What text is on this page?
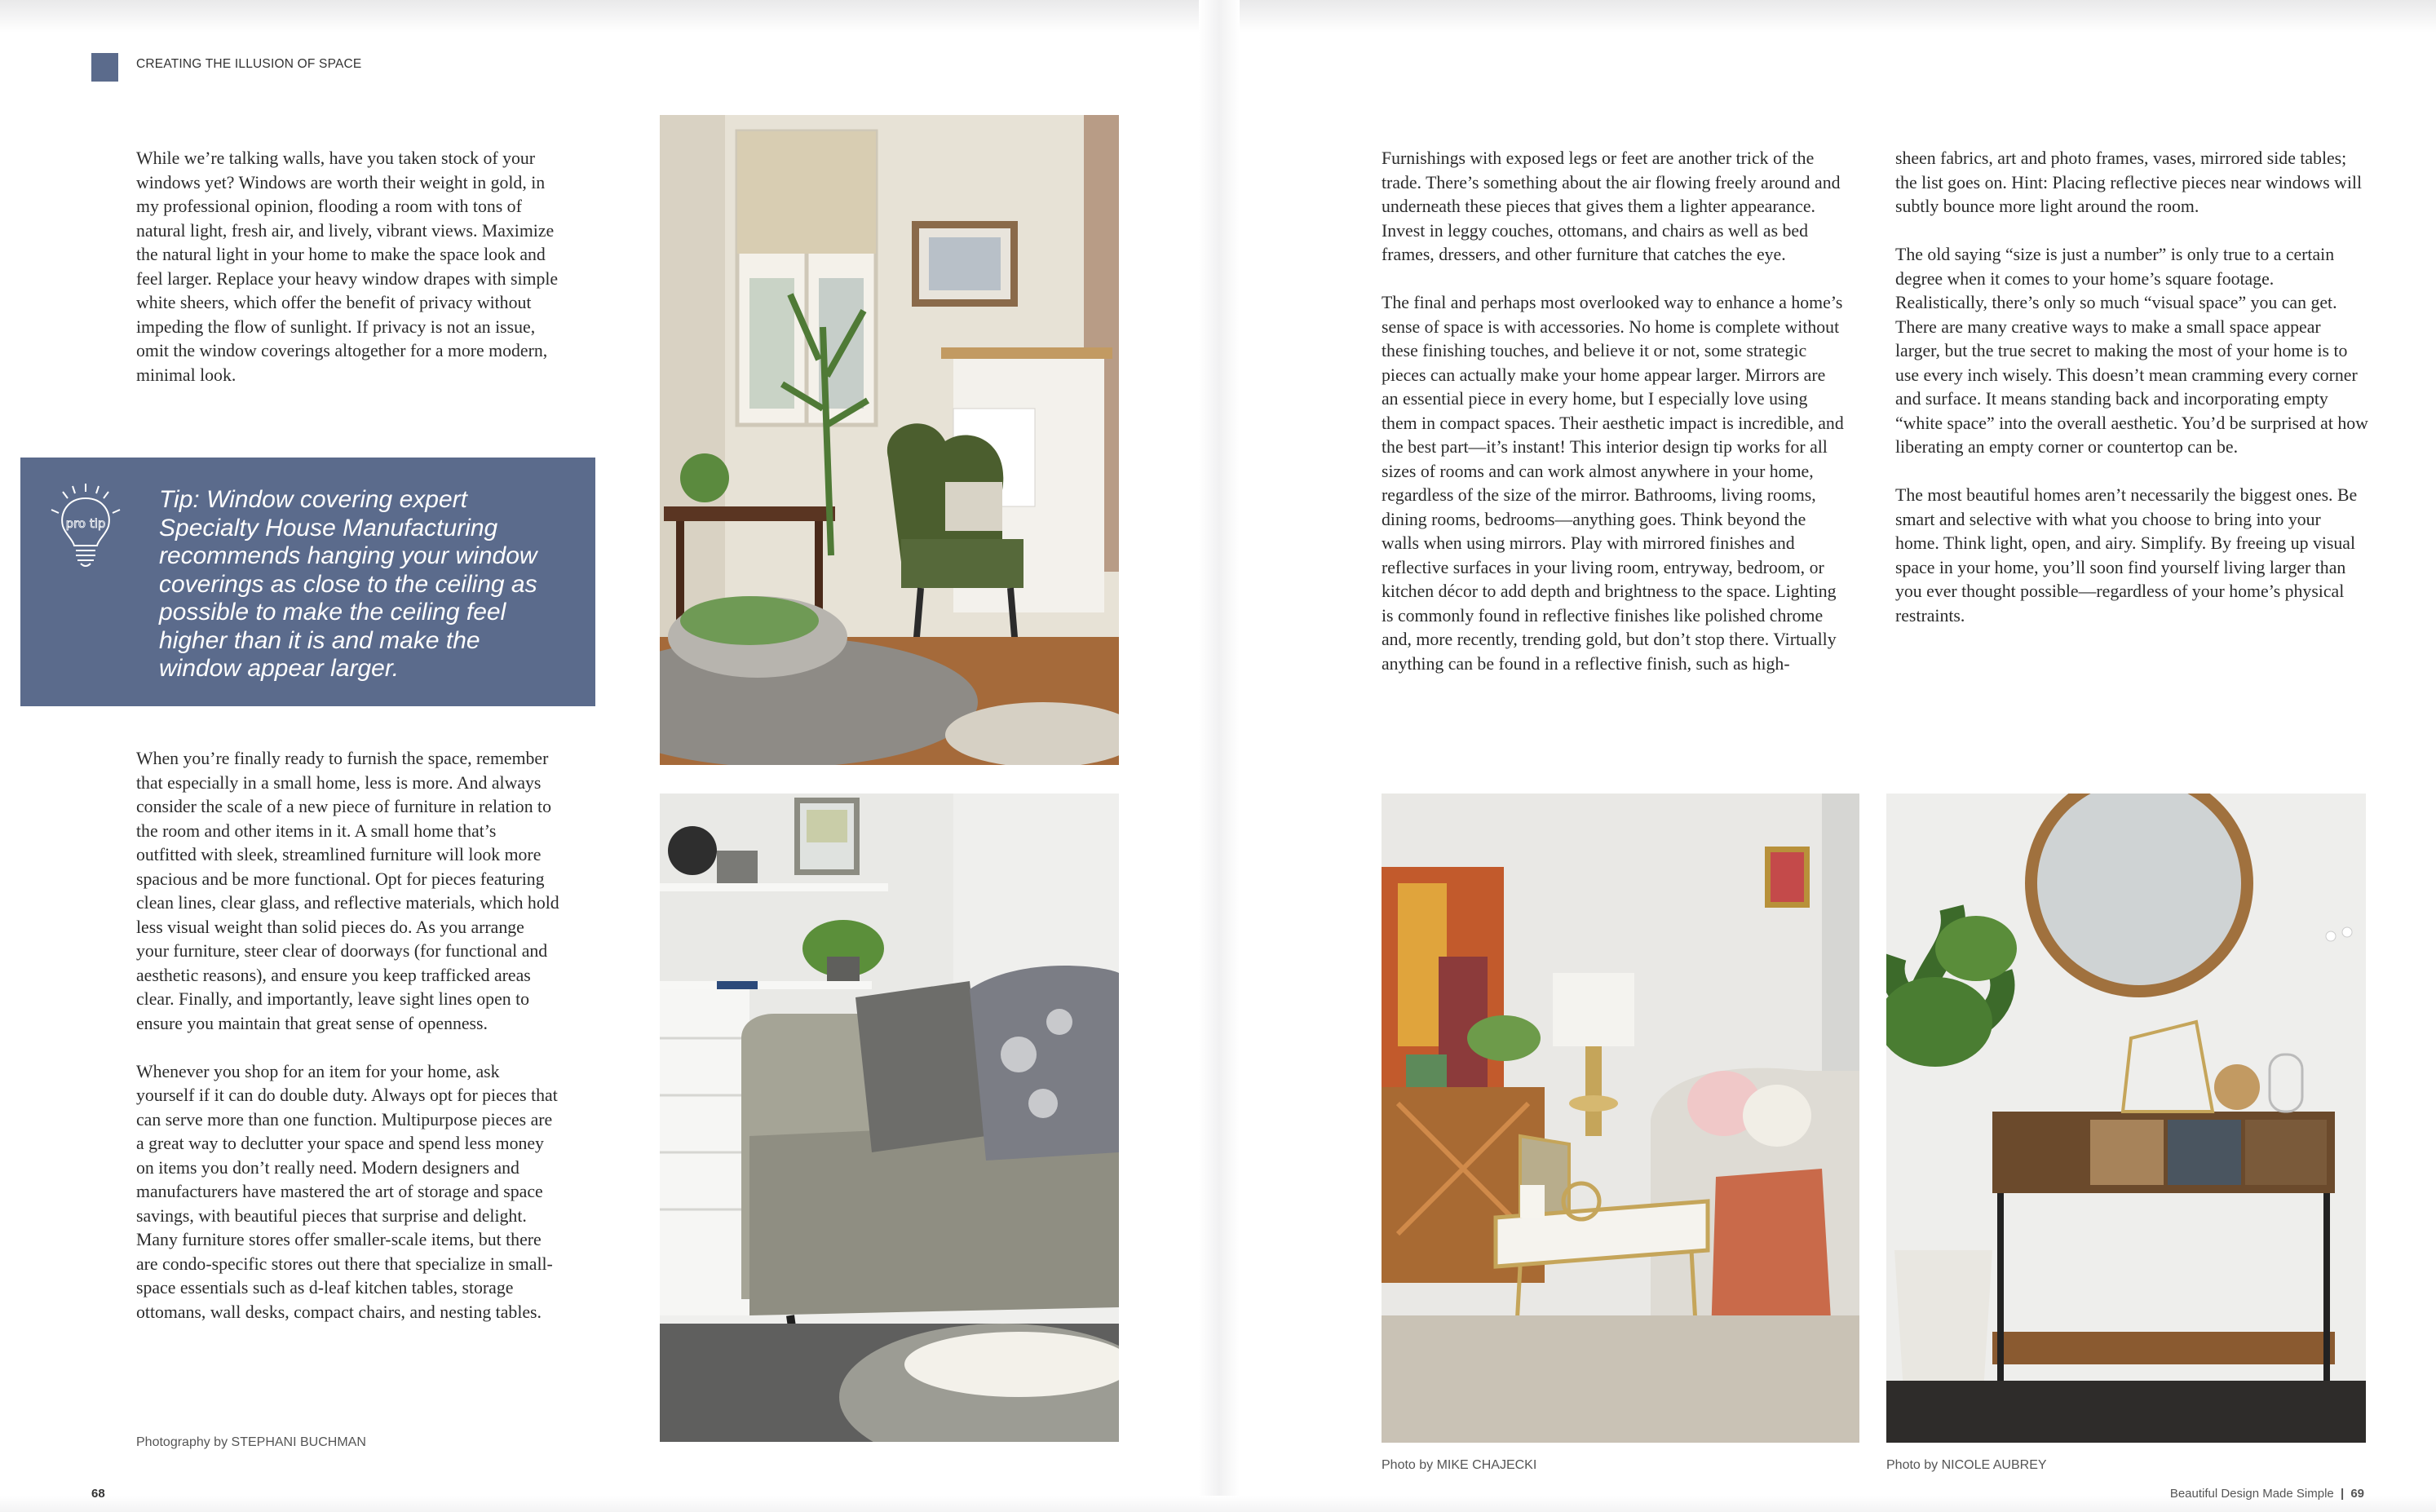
CREATING THE ILLUSION OF SPACE

While we’re talking walls, have you taken stock of your windows yet? Windows are worth their weight in gold, in my professional opinion, flooding a room with tons of natural light, fresh air, and lively, vibrant views. Maximize the natural light in your home to make the space look and feel larger. Replace your heavy window drapes with simple white sheers, which offer the benefit of privacy without impeding the flow of sunlight. If privacy is not an issue, omit the window coverings altogether for a more modern, minimal look.

pro tip
Tip: Window covering expert Specialty House Manufacturing recommends hanging your window coverings as close to the ceiling as possible to make the ceiling feel higher than it is and make the window appear larger.

When you’re finally ready to furnish the space, remember that especially in a small home, less is more. And always consider the scale of a new piece of furniture in relation to the room and other items in it. A small home that’s outfitted with sleek, streamlined furniture will look more spacious and be more functional. Opt for pieces featuring clean lines, clear glass, and reflective materials, which hold less visual weight than solid pieces do. As you arrange your furniture, steer clear of doorways (for functional and aesthetic reasons), and ensure you keep trafficked areas clear. Finally, and importantly, leave sight lines open to ensure you maintain that great sense of openness.

Whenever you shop for an item for your home, ask yourself if it can do double duty. Always opt for pieces that can serve more than one function. Multipurpose pieces are a great way to declutter your space and spend less money on items you don’t really need. Modern designers and manufacturers have mastered the art of storage and space savings, with beautiful pieces that surprise and delight. Many furniture stores offer smaller-scale items, but there are condo-specific stores out there that specialize in small-space essentials such as d-leaf kitchen tables, storage ottomans, wall desks, compact chairs, and nesting tables.

Photography by STEPHANI BUCHMAN

Furnishings with exposed legs or feet are another trick of the trade. There’s something about the air flowing freely around and underneath these pieces that gives them a lighter appearance. Invest in leggy couches, ottomans, and chairs as well as bed frames, dressers, and other furniture that catches the eye.

The final and perhaps most overlooked way to enhance a home’s sense of space is with accessories. No home is complete without these finishing touches, and believe it or not, some strategic pieces can actually make your home appear larger. Mirrors are an essential piece in every home, but I especially love using them in compact spaces. Their aesthetic impact is incredible, and the best part—it’s instant! This interior design tip works for all sizes of rooms and can work almost anywhere in your home, regardless of the size of the mirror. Bathrooms, living rooms, dining rooms, bedrooms—anything goes. Think beyond the walls when using mirrors. Play with mirrored finishes and reflective surfaces in your living room, entryway, bedroom, or kitchen décor to add depth and brightness to the space. Lighting is commonly found in reflective finishes like polished chrome and, more recently, trending gold, but don’t stop there. Virtually anything can be found in a reflective finish, such as high-

sheen fabrics, art and photo frames, vases, mirrored side tables; the list goes on. Hint: Placing reflective pieces near windows will subtly bounce more light around the room.

The old saying “size is just a number” is only true to a certain degree when it comes to your home’s square footage. Realistically, there’s only so much “visual space” you can get. There are many creative ways to make a small space appear larger, but the true secret to making the most of your home is to use every inch wisely. This doesn’t mean cramming every corner and surface. It means standing back and incorporating empty “white space” into the overall aesthetic. You’d be surprised at how liberating an empty corner or countertop can be.

The most beautiful homes aren’t necessarily the biggest ones. Be smart and selective with what you choose to bring into your home. Think light, open, and airy. Simplify. By freeing up visual space in your home, you’ll soon find yourself living larger than you ever thought possible—regardless of your home’s physical restraints.

Photo by MIKE CHAJECKI	Photo by NICOLE AUBREY
68	Beautiful Design Made Simple | 69
